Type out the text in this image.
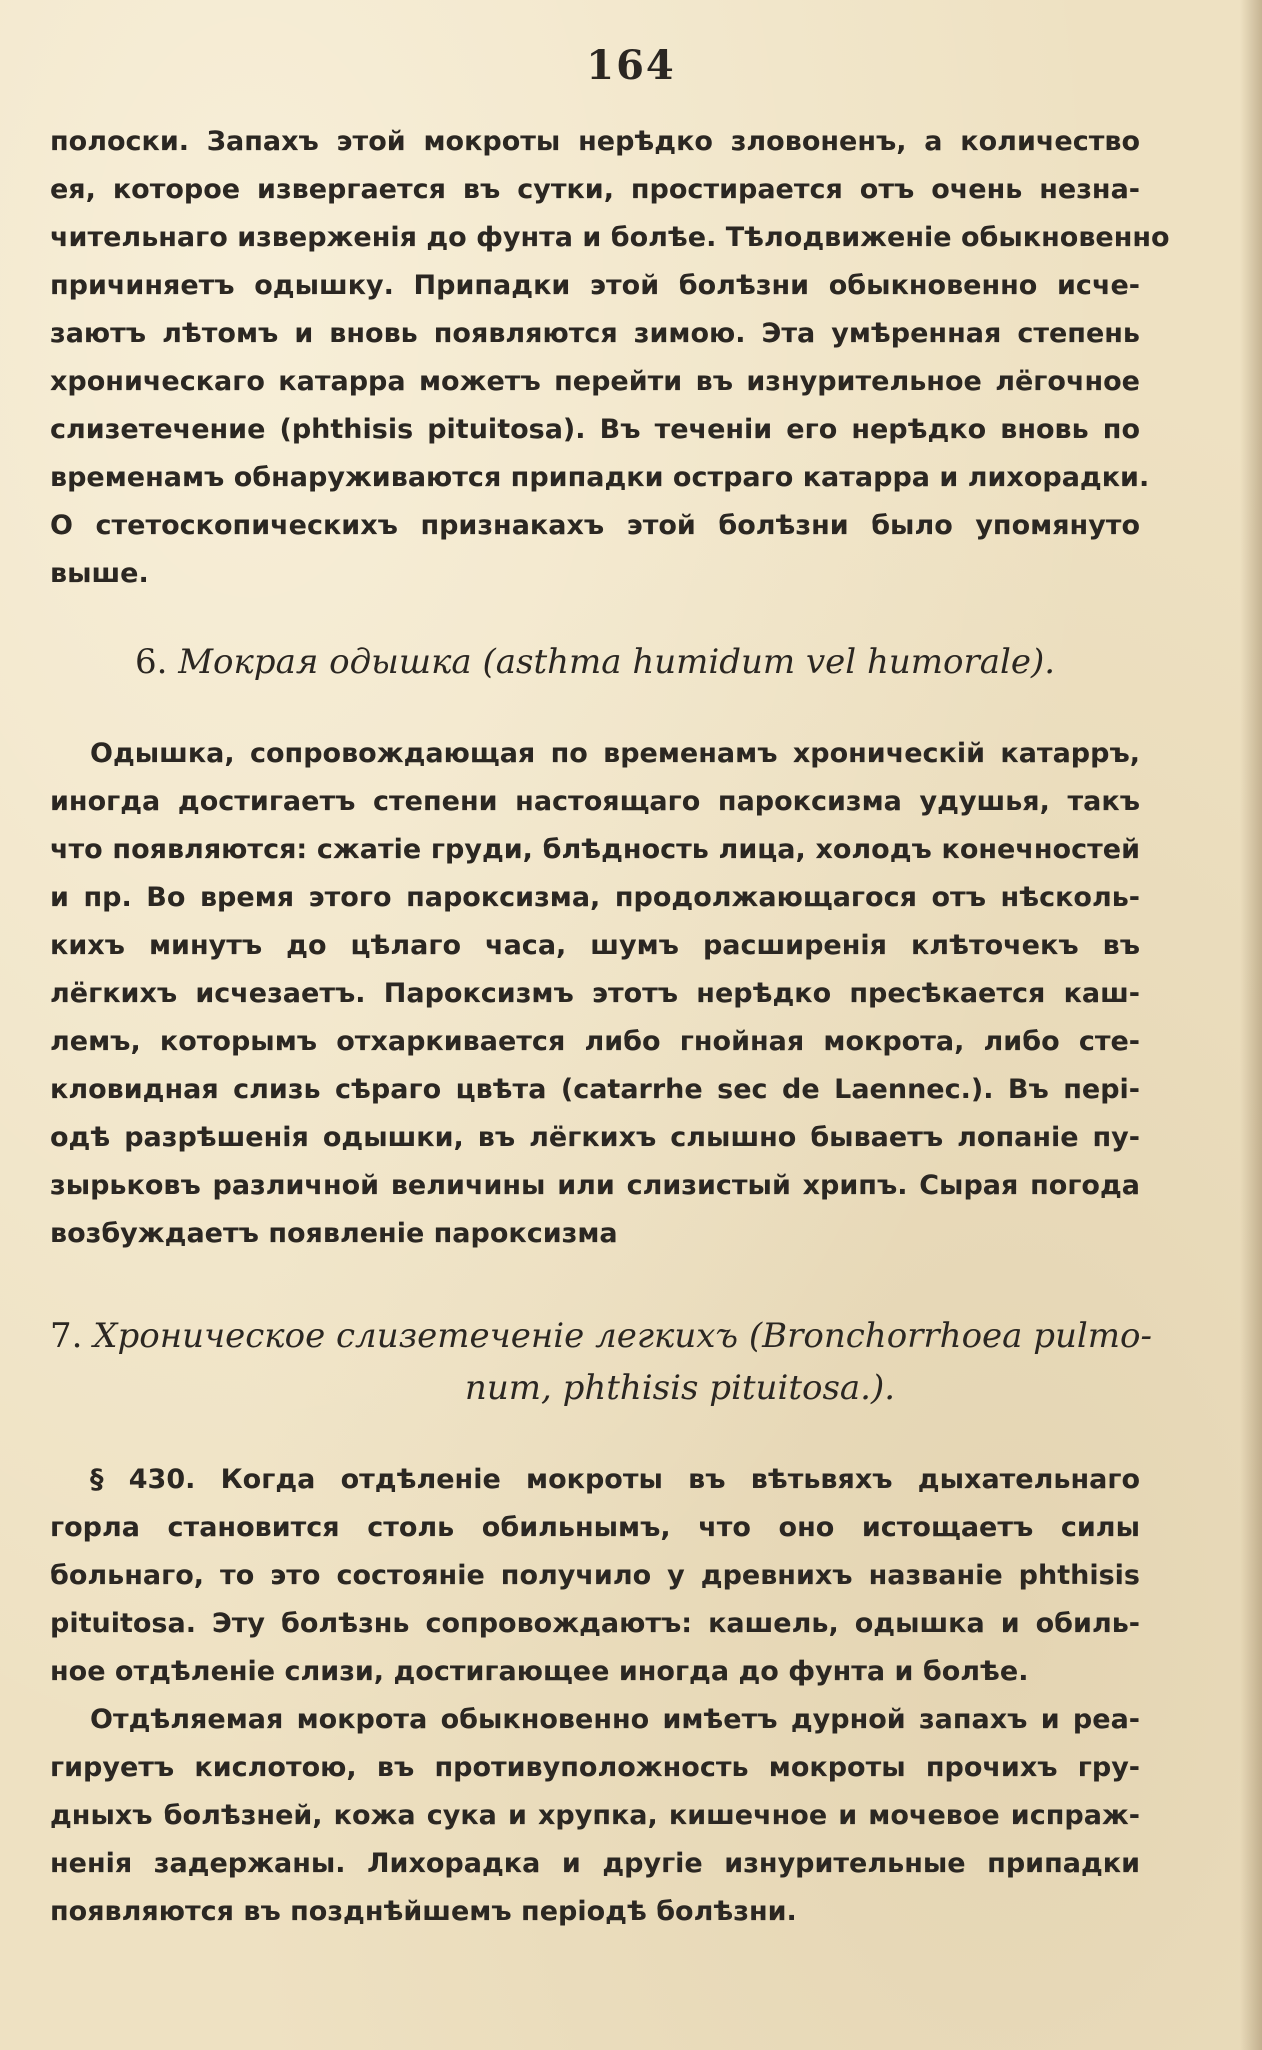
164
полоски. Запахъ этой мокроты нерѣдко зловоненъ, а количество
ея, которое извергается въ сутки, простирается отъ очень незна-
чительнаго изверженія до фунта и болѣе. Тѣлодвиженіе обыкновенно
причиняетъ одышку. Припадки этой болѣзни обыкновенно исче-
заютъ лѣтомъ и вновь появляются зимою. Эта умѣренная степень
хроническаго катарра можетъ перейти въ изнурительное лёгочное
слизетечение (phthisis pituitosa). Въ теченіи его нерѣдко вновь по
временамъ обнаруживаются припадки остраго катарра и лихорадки.
О стетоскопическихъ признакахъ этой болѣзни было упомянуто
выше.
6. Мокрая одышка (asthma humidum vel humorale).
Одышка, сопровождающая по временамъ хроническій катарръ,
иногда достигаетъ степени настоящаго пароксизма удушья, такъ
что появляются: сжатіе груди, блѣдность лица, холодъ конечностей
и пр. Во время этого пароксизма, продолжающагося отъ нѣсколь-
кихъ минутъ до цѣлаго часа, шумъ расширенія клѣточекъ въ
лёгкихъ исчезаетъ. Пароксизмъ этотъ нерѣдко пресѣкается каш-
лемъ, которымъ отхаркивается либо гнойная мокрота, либо сте-
кловидная слизь сѣраго цвѣта (catarrhe sec de Laennec.). Въ пері-
одѣ разрѣшенія одышки, въ лёгкихъ слышно бываетъ лопаніе пу-
зырьковъ различной величины или слизистый хрипъ. Сырая погода
возбуждаетъ появленіе пароксизма
7. Хроническое слизетеченіе легкихъ (Bronchorrhoea pulmo-
num, phthisis pituitosa.).
§ 430. Когда отдѣленіе мокроты въ вѣтьвяхъ дыхательнаго
горла становится столь обильнымъ, что оно истощаетъ силы
больнаго, то это состояніе получило у древнихъ названіе phthisis
pituitosa. Эту болѣзнь сопровождаютъ: кашель, одышка и обиль-
ное отдѣленіе слизи, достигающее иногда до фунта и болѣе.
Отдѣляемая мокрота обыкновенно имѣетъ дурной запахъ и реа-
гируетъ кислотою, въ противуположность мокроты прочихъ гру-
дныхъ болѣзней, кожа сука и хрупка, кишечное и мочевое испраж-
ненія задержаны. Лихорадка и другіе изнурительные припадки
появляются въ позднѣйшемъ періодѣ болѣзни.
